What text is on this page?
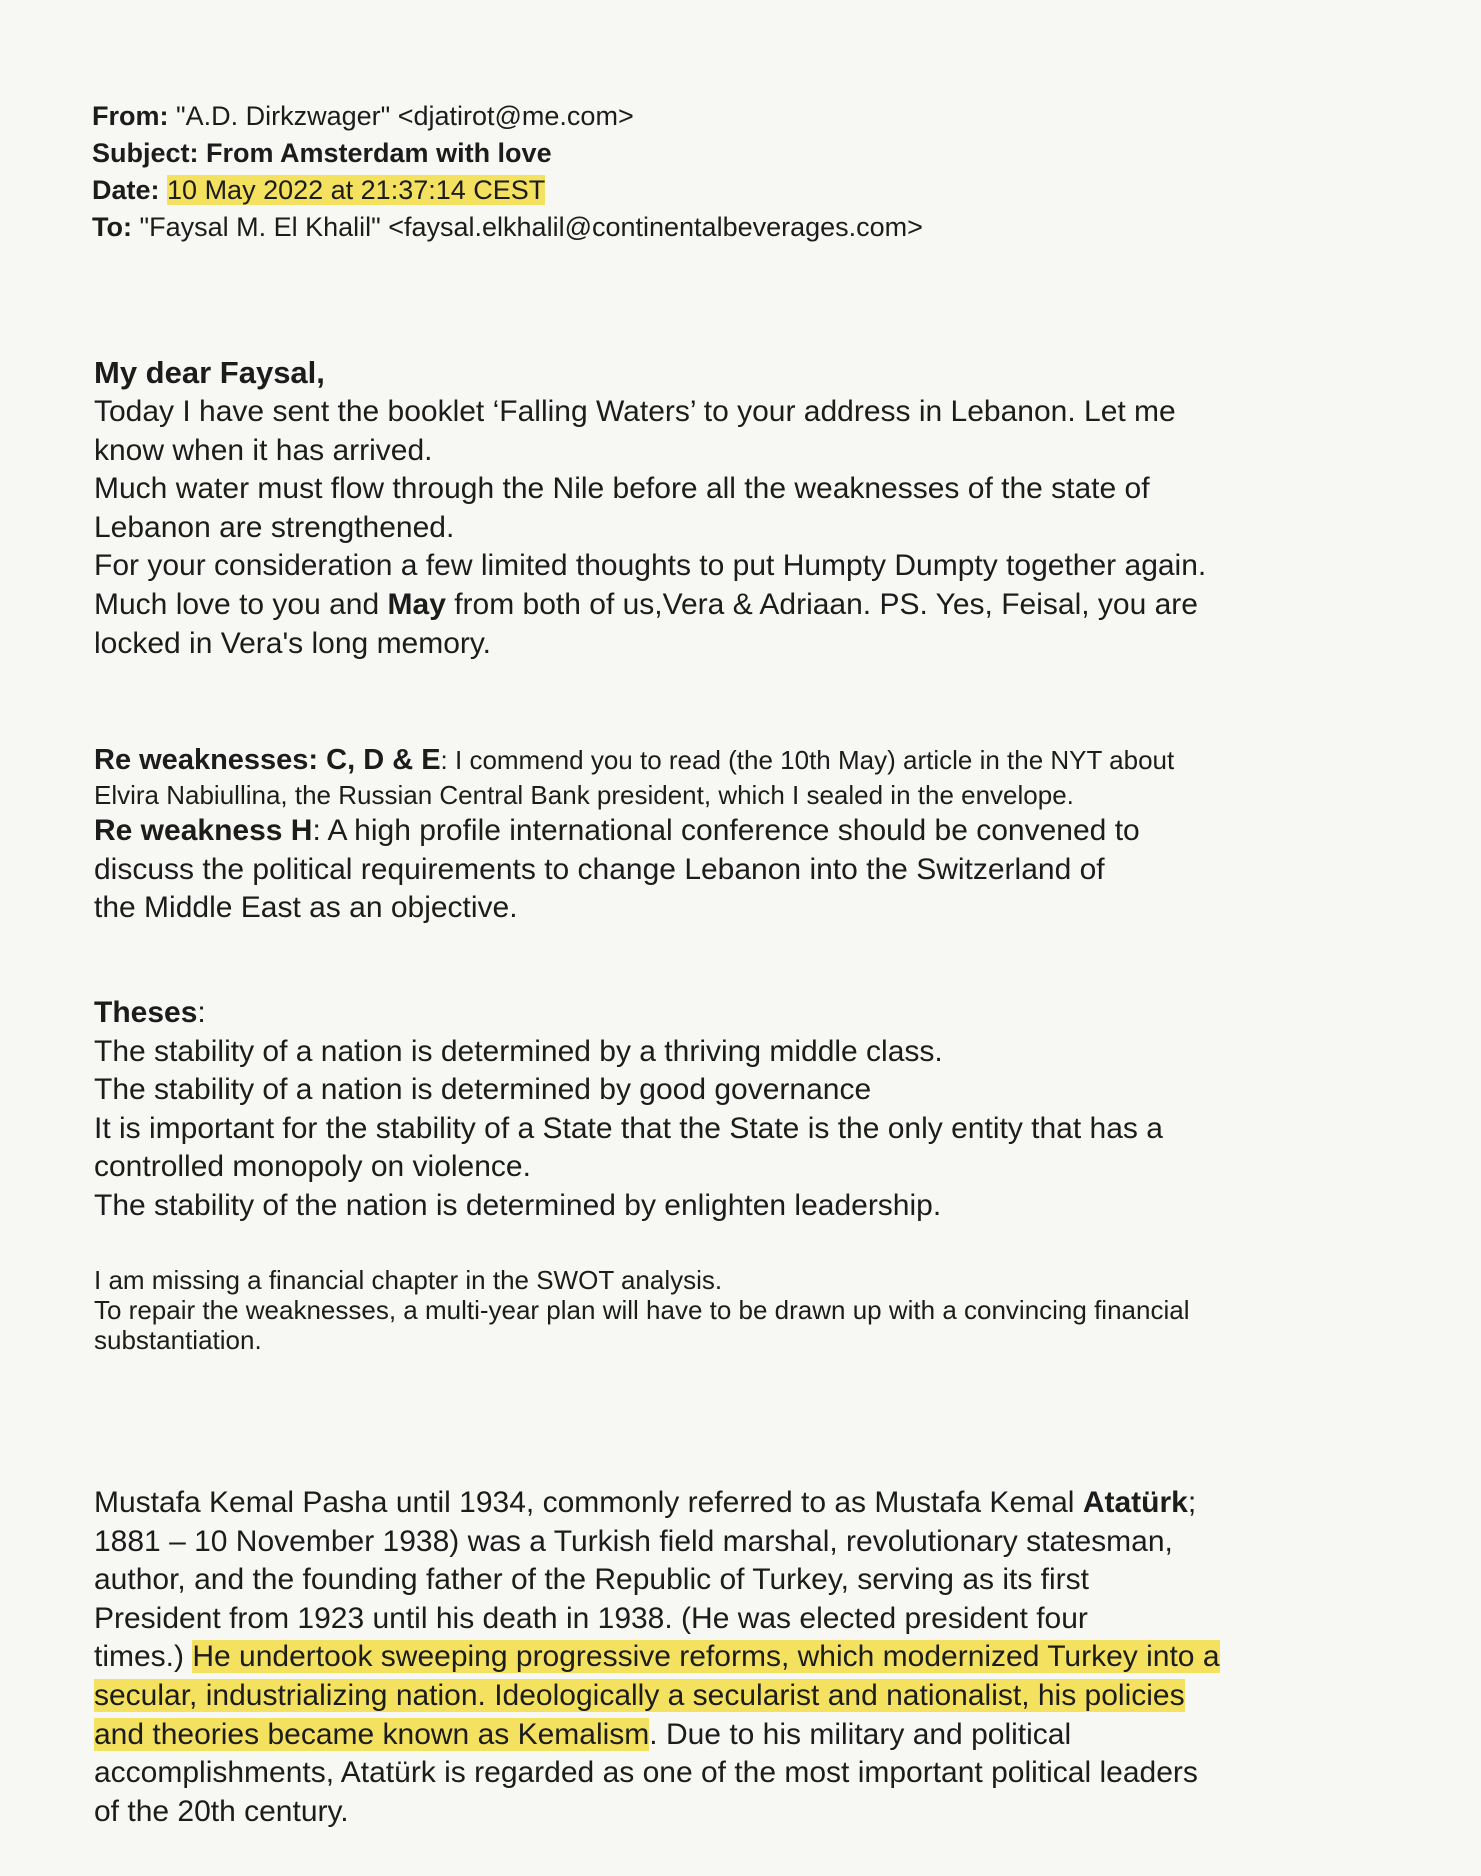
From: "A.D. Dirkzwager" <djatirot@me.com>
Subject: From Amsterdam with love
Date: 10 May 2022 at 21:37:14 CEST
To: "Faysal M. El Khalil" <faysal.elkhalil@continentalbeverages.com>
My dear Faysal,
Today I have sent the booklet ‘Falling Waters’ to your address in Lebanon. Let me
know when it has arrived.
Much water must flow through the Nile before all the weaknesses of the state of
Lebanon are strengthened.
For your consideration a few limited thoughts to put Humpty Dumpty together again.
Much love to you and May from both of us,Vera & Adriaan. PS. Yes, Feisal, you are
locked in Vera's long memory.
Re weaknesses: C, D & E: I commend you to read (the 10th May) article in the NYT about
Elvira Nabiullina, the Russian Central Bank president, which I sealed in the envelope.
Re weakness H: A high profile international conference should be convened to
discuss the political requirements to change Lebanon into the Switzerland of
the Middle East as an objective.
Theses:
The stability of a nation is determined by a thriving middle class.
The stability of a nation is determined by good governance
It is important for the stability of a State that the State is the only entity that has a
controlled monopoly on violence.
The stability of the nation is determined by enlighten leadership.
I am missing a financial chapter in the SWOT analysis.
To repair the weaknesses, a multi-year plan will have to be drawn up with a convincing financial
substantiation.
Mustafa Kemal Pasha until 1934, commonly referred to as Mustafa Kemal Atatürk;
1881 – 10 November 1938) was a Turkish field marshal, revolutionary statesman,
author, and the founding father of the Republic of Turkey, serving as its first
President from 1923 until his death in 1938. (He was elected president four
times.) He undertook sweeping progressive reforms, which modernized Turkey into a
secular, industrializing nation. Ideologically a secularist and nationalist, his policies
and theories became known as Kemalism. Due to his military and political
accomplishments, Atatürk is regarded as one of the most important political leaders
of the 20th century.
